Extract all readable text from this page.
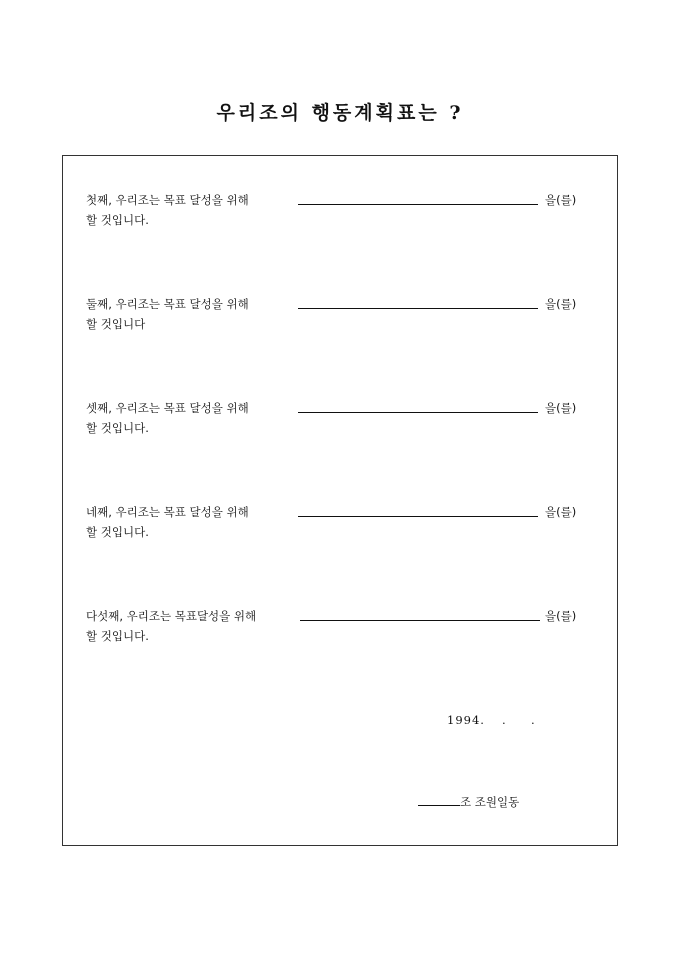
우리조의 행동계획표는 ?
첫째, 우리조는 목표 달성을 위해	을(를)
할 것입니다.
둘째, 우리조는 목표 달성을 위해	을(를)
할 것입니다
셋째, 우리조는 목표 달성을 위해	을(를)
할 것입니다.
네째, 우리조는 목표 달성을 위해	을(를)
할 것입니다.
다섯째, 우리조는 목표달성을 위해	을(를)
할 것입니다.
1994. . .
조 조원일동
